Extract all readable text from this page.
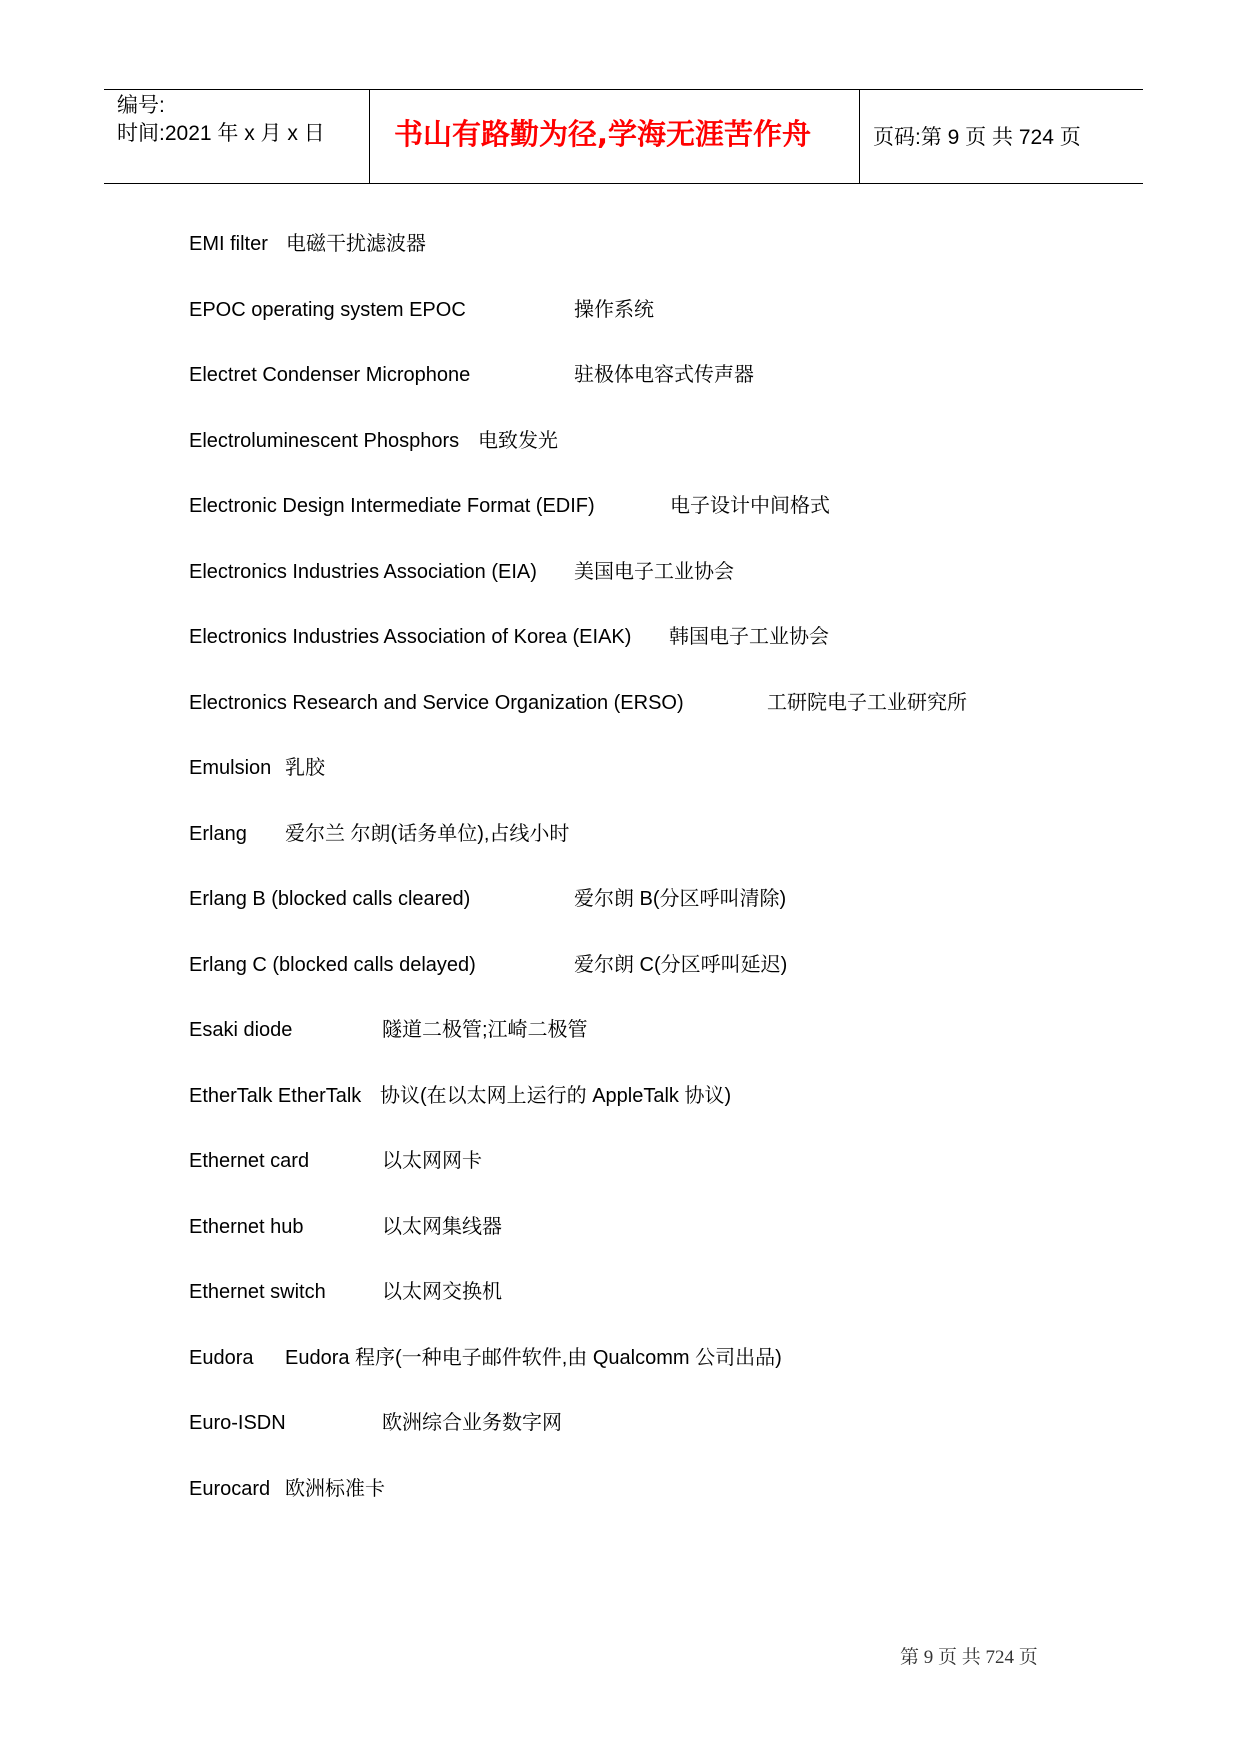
编号:
时间:2021 年 x 月 x 日 书山有路勤为径,学海无涯苦作舟	页码:第 9 页 共 724 页
EMI filter 电磁干扰滤波器
EPOC operating system EPOC	操作系统
Electret Condenser Microphone	驻极体电容式传声器
Electroluminescent Phosphors 电致发光
Electronic Design Intermediate Format (EDIF)	电子设计中间格式
Electronics Industries Association (EIA) 美国电子工业协会
Electronics Industries Association of Korea (EIAK) 韩国电子工业协会
Electronics Research and Service Organization (ERSO)	工研院电子工业研究所
Emulsion 乳胶
Erlang 爱尔兰 尔朗(话务单位),占线小时
Erlang B (blocked calls cleared)	爱尔朗 B(分区呼叫清除)
Erlang C (blocked calls delayed)	爱尔朗 C(分区呼叫延迟)
Esaki diode	隧道二极管;江崎二极管
EtherTalk EtherTalk 协议(在以太网上运行的 AppleTalk 协议)
Ethernet card	以太网网卡
Ethernet hub	以太网集线器
Ethernet switch	以太网交换机
Eudora Eudora 程序(一种电子邮件软件,由 Qualcomm 公司出品)
Euro-ISDN	欧洲综合业务数字网
Eurocard 欧洲标准卡
第 9 页 共 724 页
